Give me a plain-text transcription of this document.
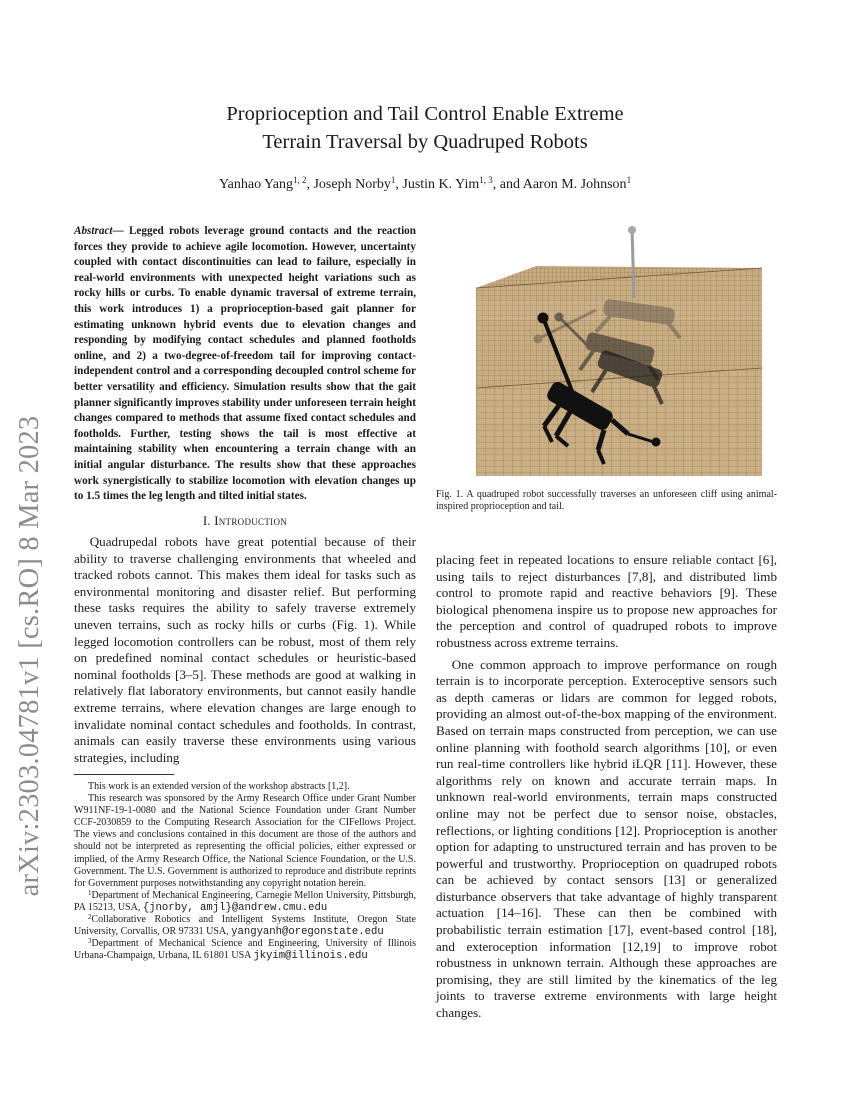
Proprioception and Tail Control Enable Extreme
Terrain Traversal by Quadruped Robots
Yanhao Yang$^{1, 2}$, Joseph Norby$^1$, Justin K. Yim$^{1, 3}$, and Aaron M. Johnson$^1$
arXiv:2303.04781v1 [cs.RO] 8 Mar 2023
Abstract— Legged robots leverage ground contacts and the reaction forces they provide to achieve agile locomotion. However, uncertainty coupled with contact discontinuities can lead to failure, especially in real-world environments with unexpected height variations such as rocky hills or curbs. To enable dynamic traversal of extreme terrain, this work introduces 1) a proprioception-based gait planner for estimating unknown hybrid events due to elevation changes and responding by modifying contact schedules and planned footholds online, and 2) a two-degree-of-freedom tail for improving contact-independent control and a corresponding decoupled control scheme for better versatility and efficiency. Simulation results show that the gait planner significantly improves stability under unforeseen terrain height changes compared to methods that assume fixed contact schedules and footholds. Further, testing shows the tail is most effective at maintaining stability when encountering a terrain change with an initial angular disturbance. The results show that these approaches work synergistically to stabilize locomotion with elevation changes up to 1.5 times the leg length and tilted initial states.
I. Introduction

Quadrupedal robots have great potential because of their ability to traverse challenging environments that wheeled and tracked robots cannot. This makes them ideal for tasks such as environmental monitoring and disaster relief. But performing these tasks requires the ability to safely traverse extremely uneven terrains, such as rocky hills or curbs (Fig. 1). While legged locomotion controllers can be robust, most of them rely on predefined nominal contact schedules or heuristic-based nominal footholds [3–5]. These methods are good at walking in relatively flat laboratory environments, but cannot easily handle extreme terrains, where elevation changes are large enough to invalidate nominal contact schedules and footholds. In contrast, animals can easily traverse these environments using various strategies, including

This work is an extended version of the workshop abstracts [1,2].

This research was sponsored by the Army Research Office under Grant Number W911NF-19-1-0080 and the National Science Foundation under Grant Number CCF-2030859 to the Computing Research Association for the CIFellows Project. The views and conclusions contained in this document are those of the authors and should not be interpreted as representing the official policies, either expressed or implied, of the Army Research Office, the National Science Foundation, or the U.S. Government. The U.S. Government is authorized to reproduce and distribute reprints for Government purposes notwithstanding any copyright notation herein.

$^1$Department of Mechanical Engineering, Carnegie Mellon University, Pittsburgh, PA 15213, USA, {jnorby, amjl}@andrew.cmu.edu

$^2$Collaborative Robotics and Intelligent Systems Institute, Oregon State University, Corvallis, OR 97331 USA, yangyanh@oregonstate.edu

$^3$Department of Mechanical Science and Engineering, University of Illinois Urbana-Champaign, Urbana, IL 61801 USA jkyim@illinois.edu

Fig. 1. A quadruped robot successfully traverses an unforeseen cliff using animal-inspired proprioception and tail.

placing feet in repeated locations to ensure reliable contact [6], using tails to reject disturbances [7,8], and distributed limb control to promote rapid and reactive behaviors [9]. These biological phenomena inspire us to propose new approaches for the perception and control of quadruped robots to improve robustness across extreme terrains.

One common approach to improve performance on rough terrain is to incorporate perception. Exteroceptive sensors such as depth cameras or lidars are common for legged robots, providing an almost out-of-the-box mapping of the environment. Based on terrain maps constructed from perception, we can use online planning with foothold search algorithms [10], or even run real-time controllers like hybrid iLQR [11]. However, these algorithms rely on known and accurate terrain maps. In unknown real-world environments, terrain maps constructed online may not be perfect due to sensor noise, obstacles, reflections, or lighting conditions [12]. Proprioception is another option for adapting to unstructured terrain and has proven to be powerful and trustworthy. Proprioception on quadruped robots can be achieved by contact sensors [13] or generalized disturbance observers that take advantage of highly transparent actuation [14–16]. These can then be combined with probabilistic terrain estimation [17], event-based control [18], and exteroception information [12,19] to improve robot robustness in unknown terrain. Although these approaches are promising, they are still limited by the kinematics of the leg joints to traverse extreme environments with large height changes.
